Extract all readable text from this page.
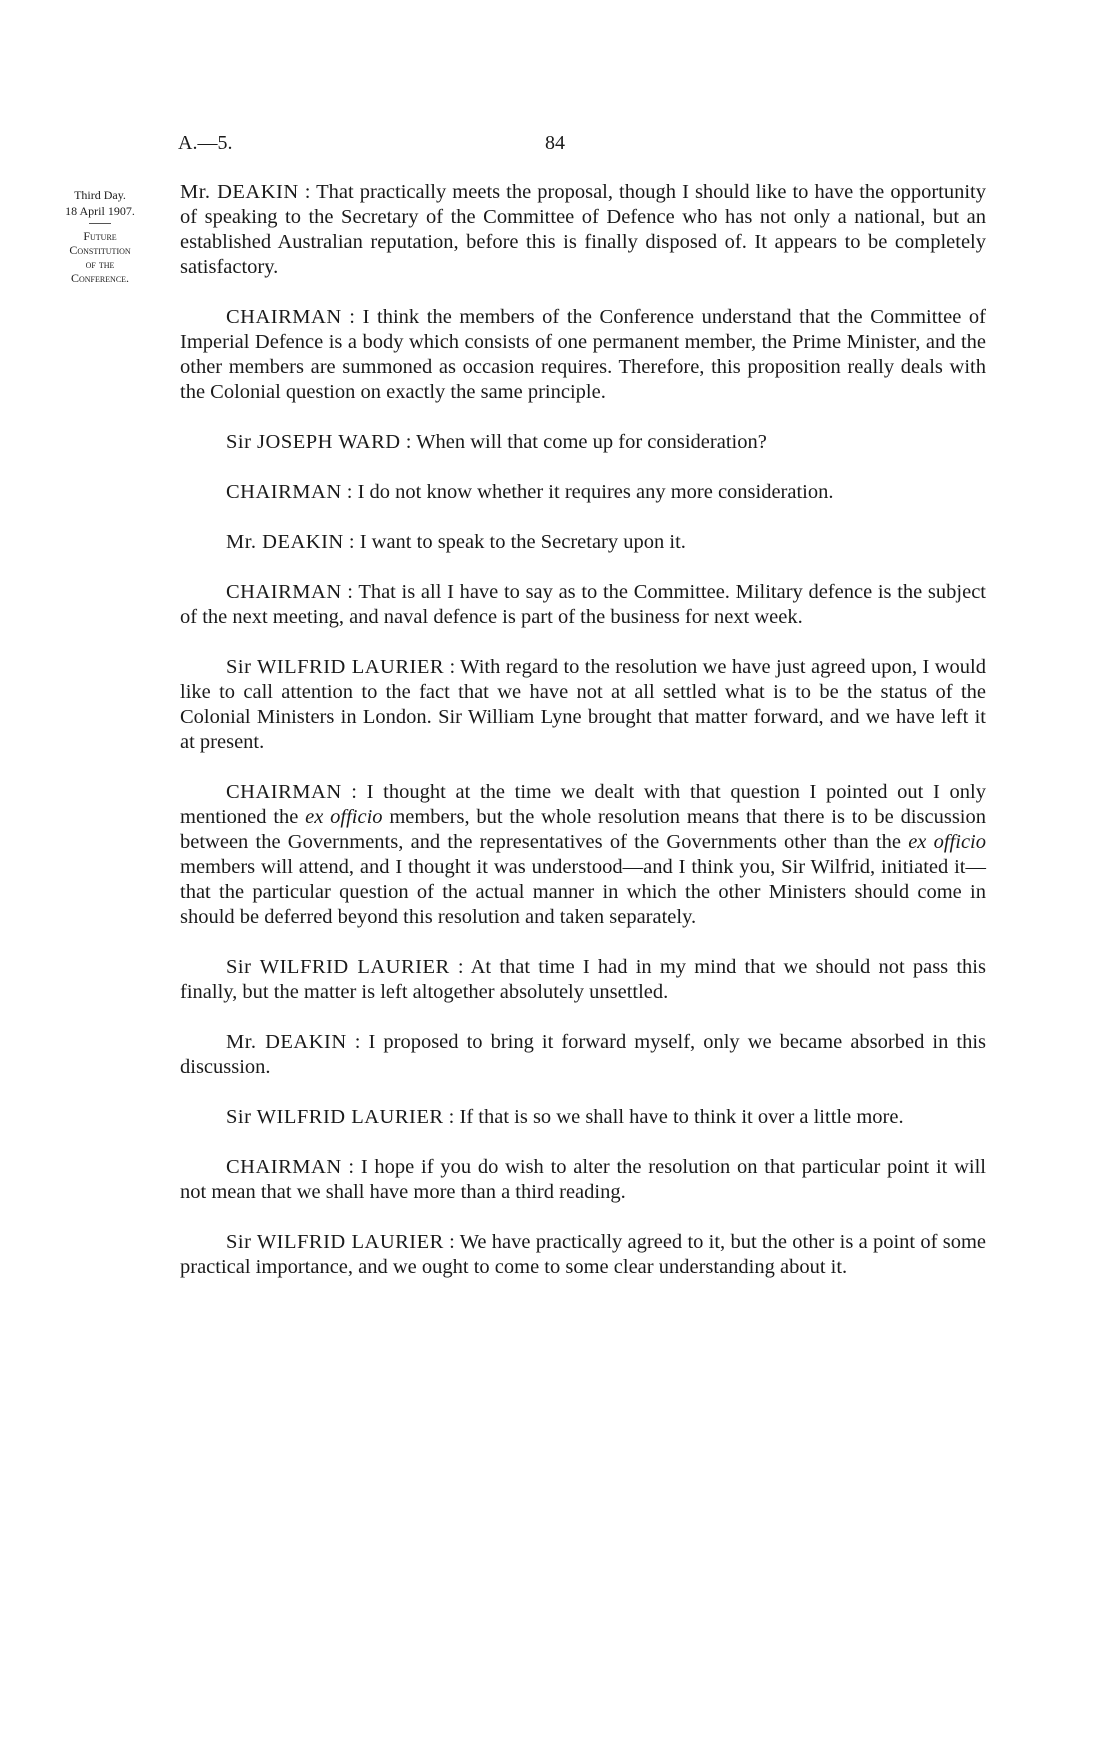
A.—5.	84
Third Day.
18 April 1907.
Future
Constitution
of the
Conference.

Mr. DEAKIN : That practically meets the proposal, though I should like to have the opportunity of speaking to the Secretary of the Committee of Defence who has not only a national, but an established Australian reputation, before this is finally disposed of. It appears to be completely satisfactory.

CHAIRMAN : I think the members of the Conference understand that the Committee of Imperial Defence is a body which consists of one permanent member, the Prime Minister, and the other members are summoned as occasion requires. Therefore, this proposition really deals with the Colonial question on exactly the same principle.

Sir JOSEPH WARD : When will that come up for consideration?

CHAIRMAN : I do not know whether it requires any more consideration.

Mr. DEAKIN : I want to speak to the Secretary upon it.

CHAIRMAN : That is all I have to say as to the Committee. Military defence is the subject of the next meeting, and naval defence is part of the business for next week.

Sir WILFRID LAURIER : With regard to the resolution we have just agreed upon, I would like to call attention to the fact that we have not at all settled what is to be the status of the Colonial Ministers in London. Sir William Lyne brought that matter forward, and we have left it at present.

CHAIRMAN : I thought at the time we dealt with that question I pointed out I only mentioned the ex officio members, but the whole resolution means that there is to be discussion between the Governments, and the representatives of the Governments other than the ex officio members will attend, and I thought it was understood—and I think you, Sir Wilfrid, initiated it—that the particular question of the actual manner in which the other Ministers should come in should be deferred beyond this resolution and taken separately.

Sir WILFRID LAURIER : At that time I had in my mind that we should not pass this finally, but the matter is left altogether absolutely unsettled.

Mr. DEAKIN : I proposed to bring it forward myself, only we became absorbed in this discussion.

Sir WILFRID LAURIER : If that is so we shall have to think it over a little more.

CHAIRMAN : I hope if you do wish to alter the resolution on that particular point it will not mean that we shall have more than a third reading.

Sir WILFRID LAURIER : We have practically agreed to it, but the other is a point of some practical importance, and we ought to come to some clear understanding about it.
